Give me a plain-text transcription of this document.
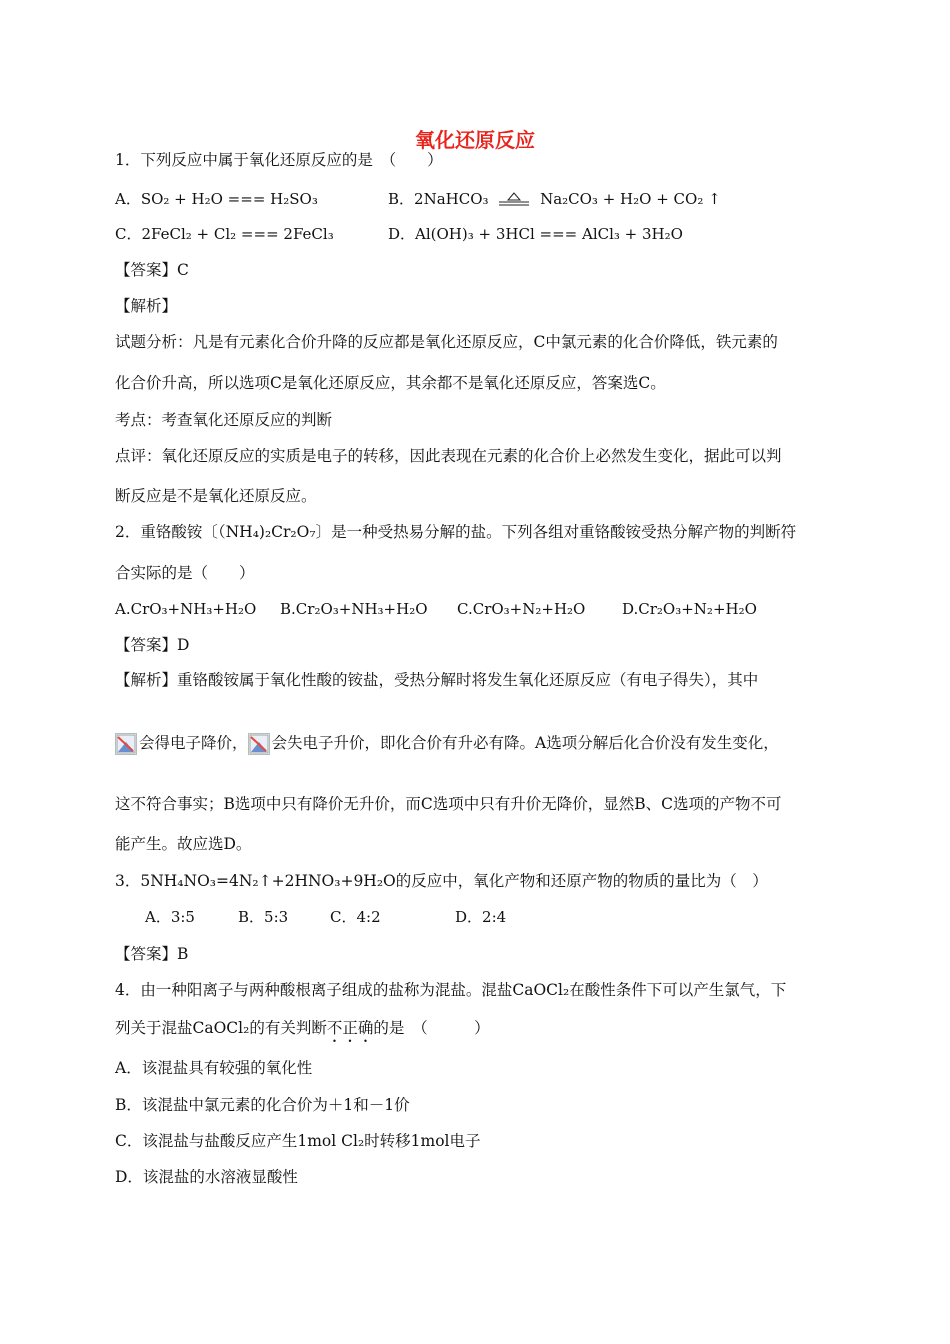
氧化还原反应
1．下列反应中属于氧化还原反应的是　（　　）
A．SO₂ + H₂O === H₂SO₃	B．2NaHCO₃	Na₂CO₃ + H₂O + CO₂ ↑
C．2FeCl₂ + Cl₂ === 2FeCl₃	D．Al(OH)₃ + 3HCl === AlCl₃ + 3H₂O
【答案】C
【解析】
试题分析：凡是有元素化合价升降的反应都是氧化还原反应，C中氯元素的化合价降低，铁元素的
化合价升高，所以选项C是氧化还原反应，其余都不是氧化还原反应，答案选C。
考点：考查氧化还原反应的判断
点评：氧化还原反应的实质是电子的转移，因此表现在元素的化合价上必然发生变化，据此可以判
断反应是不是氧化还原反应。
2．重铬酸铵〔（NH₄)₂Cr₂O₇〕是一种受热易分解的盐。下列各组对重铬酸铵受热分解产物的判断符
合实际的是（　　）
A.CrO₃+NH₃+H₂O B.Cr₂O₃+NH₃+H₂O C.CrO₃+N₂+H₂O D.Cr₂O₃+N₂+H₂O
【答案】D
【解析】重铬酸铵属于氧化性酸的铵盐，受热分解时将发生氧化还原反应（有电子得失），其中
会得电子降价， 会失电子升价，即化合价有升必有降。A选项分解后化合价没有发生变化，
这不符合事实；B选项中只有降价无升价，而C选项中只有升价无降价，显然B、C选项的产物不可
能产生。故应选D。
3．5NH₄NO₃=4N₂↑+2HNO₃+9H₂O的反应中，氧化产物和还原产物的物质的量比为（　）
A．3:5	B．5:3	C．4:2	D．2:4
【答案】B
4．由一种阳离子与两种酸根离子组成的盐称为混盐。混盐CaOCl₂在酸性条件下可以产生氯气，下
列关于混盐CaOCl₂的有关判断不正确的是　（　　　）
A．该混盐具有较强的氧化性
B．该混盐中氯元素的化合价为＋1和－1价
C．该混盐与盐酸反应产生1mol Cl₂时转移1mol电子
D．该混盐的水溶液显酸性
